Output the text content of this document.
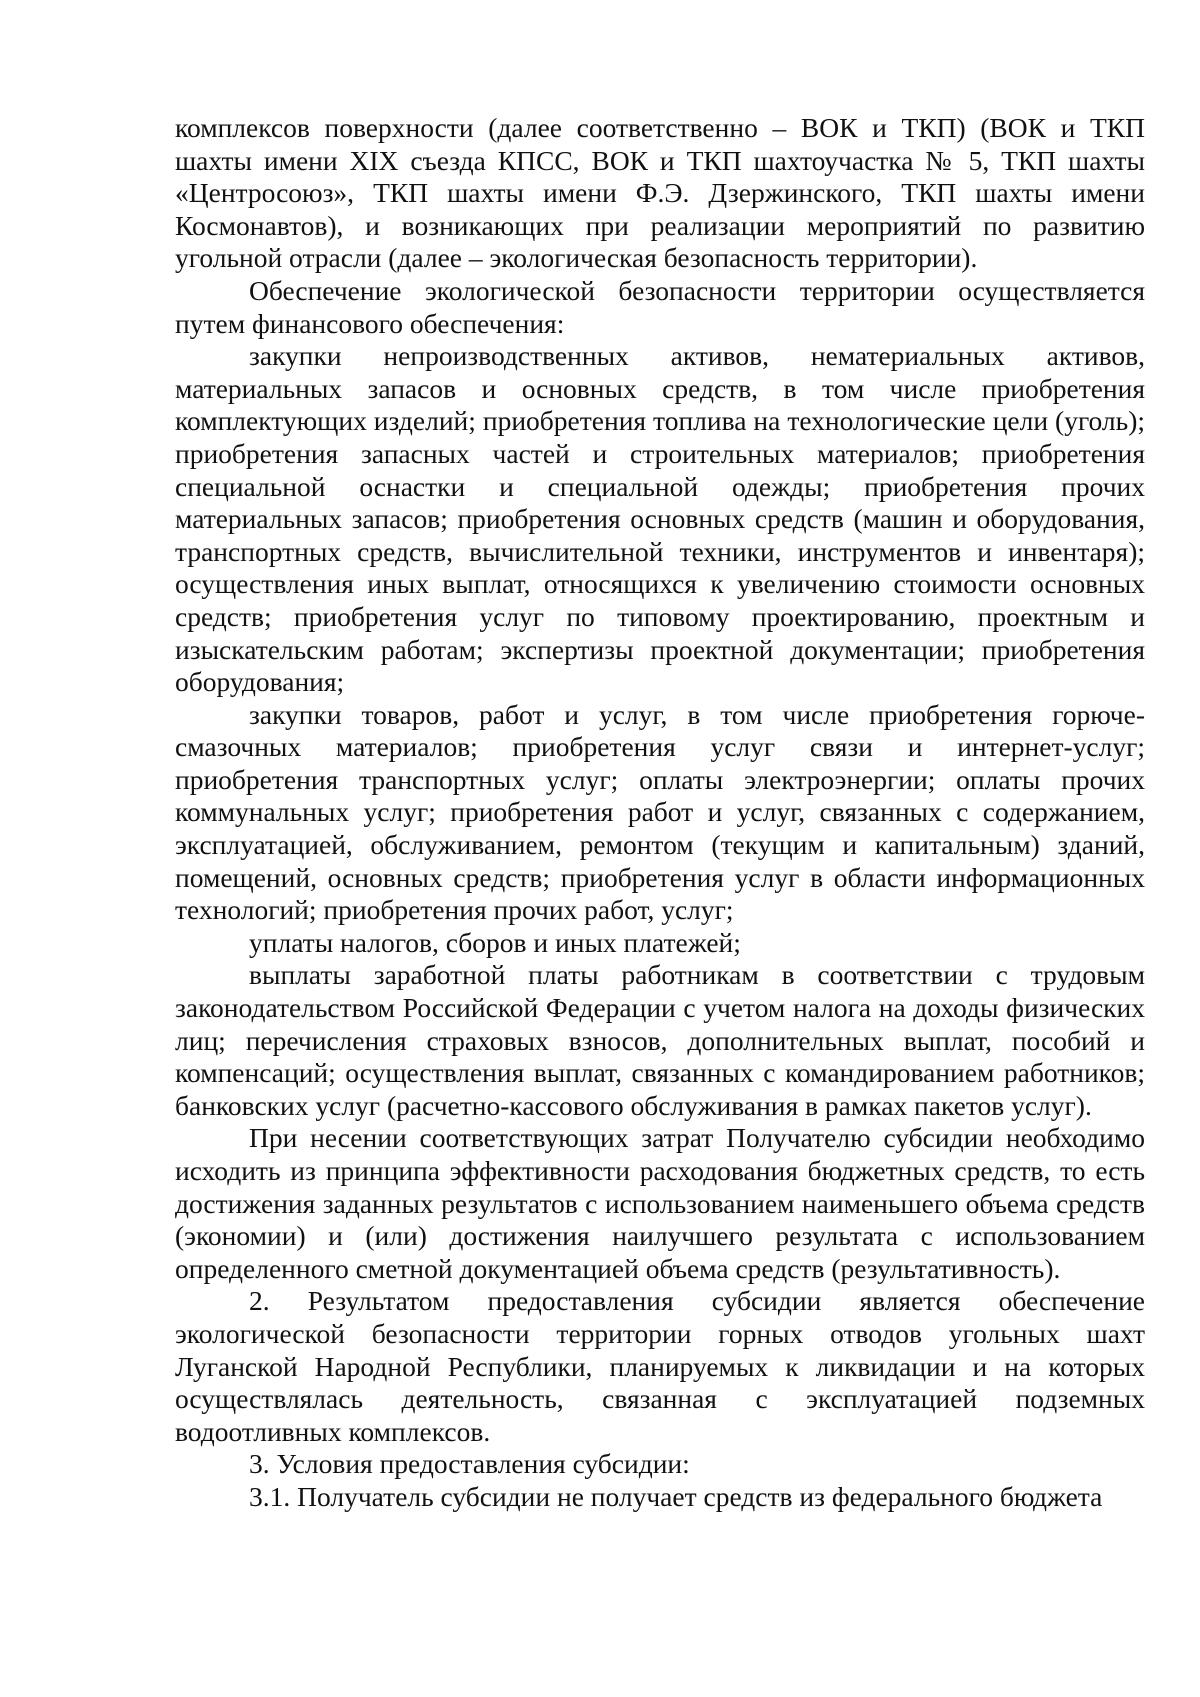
комплексов поверхности (далее соответственно – ВОК и ТКП) (ВОК и ТКП шахты имени XIX съезда КПСС, ВОК и ТКП шахтоучастка № 5, ТКП шахты «Центросоюз», ТКП шахты имени Ф.Э. Дзержинского, ТКП шахты имени Космонавтов), и возникающих при реализации мероприятий по развитию угольной отрасли (далее – экологическая безопасность территории).

Обеспечение экологической безопасности территории осуществляется путем финансового обеспечения:

закупки непроизводственных активов, нематериальных активов, материальных запасов и основных средств, в том числе приобретения комплектующих изделий; приобретения топлива на технологические цели (уголь); приобретения запасных частей и строительных материалов; приобретения специальной оснастки и специальной одежды; приобретения прочих материальных запасов; приобретения основных средств (машин и оборудования, транспортных средств, вычислительной техники, инструментов и инвентаря); осуществления иных выплат, относящихся к увеличению стоимости основных средств; приобретения услуг по типовому проектированию, проектным и изыскательским работам; экспертизы проектной документации; приобретения оборудования;

закупки товаров, работ и услуг, в том числе приобретения горюче-смазочных материалов; приобретения услуг связи и интернет-услуг; приобретения транспортных услуг; оплаты электроэнергии; оплаты прочих коммунальных услуг; приобретения работ и услуг, связанных с содержанием, эксплуатацией, обслуживанием, ремонтом (текущим и капитальным) зданий, помещений, основных средств; приобретения услуг в области информационных технологий; приобретения прочих работ, услуг;

уплаты налогов, сборов и иных платежей;

выплаты заработной платы работникам в соответствии с трудовым законодательством Российской Федерации с учетом налога на доходы физических лиц; перечисления страховых взносов, дополнительных выплат, пособий и компенсаций; осуществления выплат, связанных с командированием работников; банковских услуг (расчетно-кассового обслуживания в рамках пакетов услуг).

При несении соответствующих затрат Получателю субсидии необходимо исходить из принципа эффективности расходования бюджетных средств, то есть достижения заданных результатов с использованием наименьшего объема средств (экономии) и (или) достижения наилучшего результата с использованием определенного сметной документацией объема средств (результативность).

2. Результатом предоставления субсидии является обеспечение экологической безопасности территории горных отводов угольных шахт Луганской Народной Республики, планируемых к ликвидации и на которых осуществлялась деятельность, связанная с эксплуатацией подземных водоотливных комплексов.

3. Условия предоставления субсидии:

3.1. Получатель субсидии не получает средств из федерального бюджета
